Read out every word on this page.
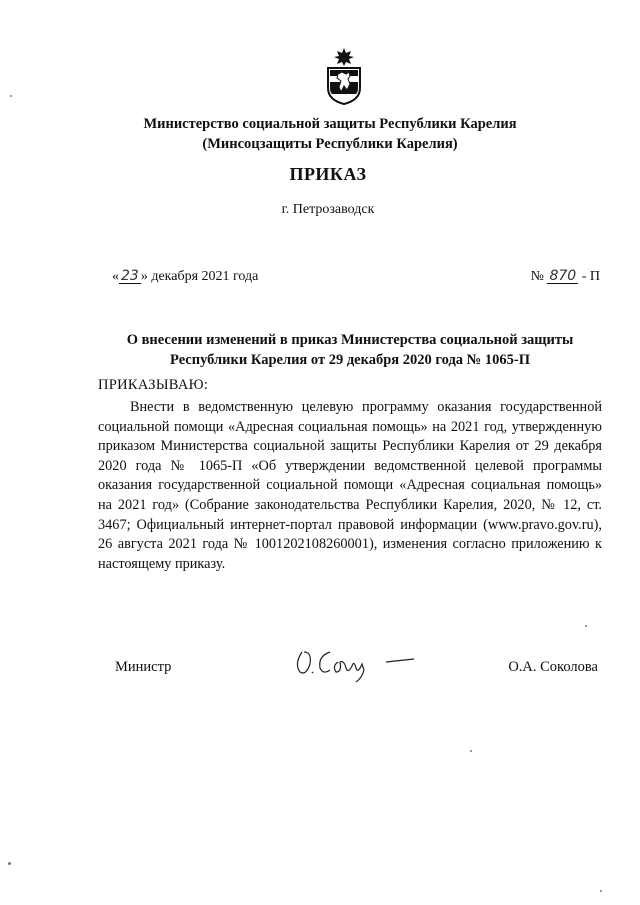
Министерство социальной защиты Республики Карелия
(Минсоцзащиты Республики Карелия)
ПРИКАЗ
г. Петрозаводск
« 23 » декабря 2021 года	№ 870 - П
О внесении изменений в приказ Министерства социальной защиты
Республики Карелия от 29 декабря 2020 года № 1065-П
ПРИКАЗЫВАЮ:
Внести в ведомственную целевую программу оказания государственной социальной помощи «Адресная социальная помощь» на 2021 год, утвержденную приказом Министерства социальной защиты Республики Карелия от 29 декабря 2020 года № 1065-П «Об утверждении ведомственной целевой программы оказания государственной социальной помощи «Адресная социальная помощь» на 2021 год» (Собрание законодательства Республики Карелия, 2020, № 12, ст. 3467; Официальный интернет-портал правовой информации (www.pravo.gov.ru), 26 августа 2021 года № 1001202108260001), изменения согласно приложению к настоящему приказу.
Министр	О.А. Соколова
